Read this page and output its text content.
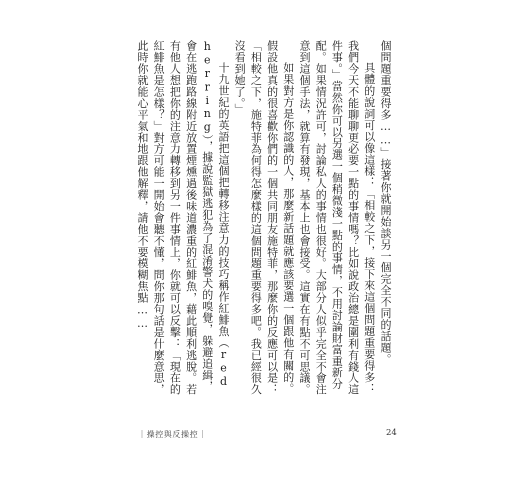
個問題重要得多……」接著你就開始談另一個完全不同的話題。

具體的說詞可以像這樣：「相較之下，接下來這個問題重要得多：我們今天不能聊聊更必要一點的事情嗎？比如說政治總是圍利有錢人這件事。」當然你可以另選一個稍微淺一點的事情，不用討論財富重新分配。如果情況許可，討論私人的事情也很好。大部分人似乎完全不會注意到這個手法，就算有發現，基本上也會接受。這實在有點不可思議。

如果對方是你認識的人，那麼新話題就應該要選一個跟他有關的。假設他真的很喜歡你們的一個共同朋友施特菲，那麼你的反應可以是：「相較之下，施特菲為何得怎麼樣的這個問題重要得多吧。我已經很久沒看到她了。」

十九世紀的英語把這個把轉移注意力的技巧稱作紅鯡魚（red herring），據說監獄逃犯為了混淆警犬的嗅覺，躲避追緝，會在逃跑路線附近放置煙燻過後味道濃重的紅鯡魚，藉此順利逃脫。若有他人想把你的注意力轉移到另一件事情上，你就可以反擊：「現在的紅鯡魚是怎樣？」對方可能一開始會聽不懂，問你那句話是什麼意思，此時你就能心平氣和地跟他解釋，請他不要模糊焦點……

｜操控與反操控｜	24
